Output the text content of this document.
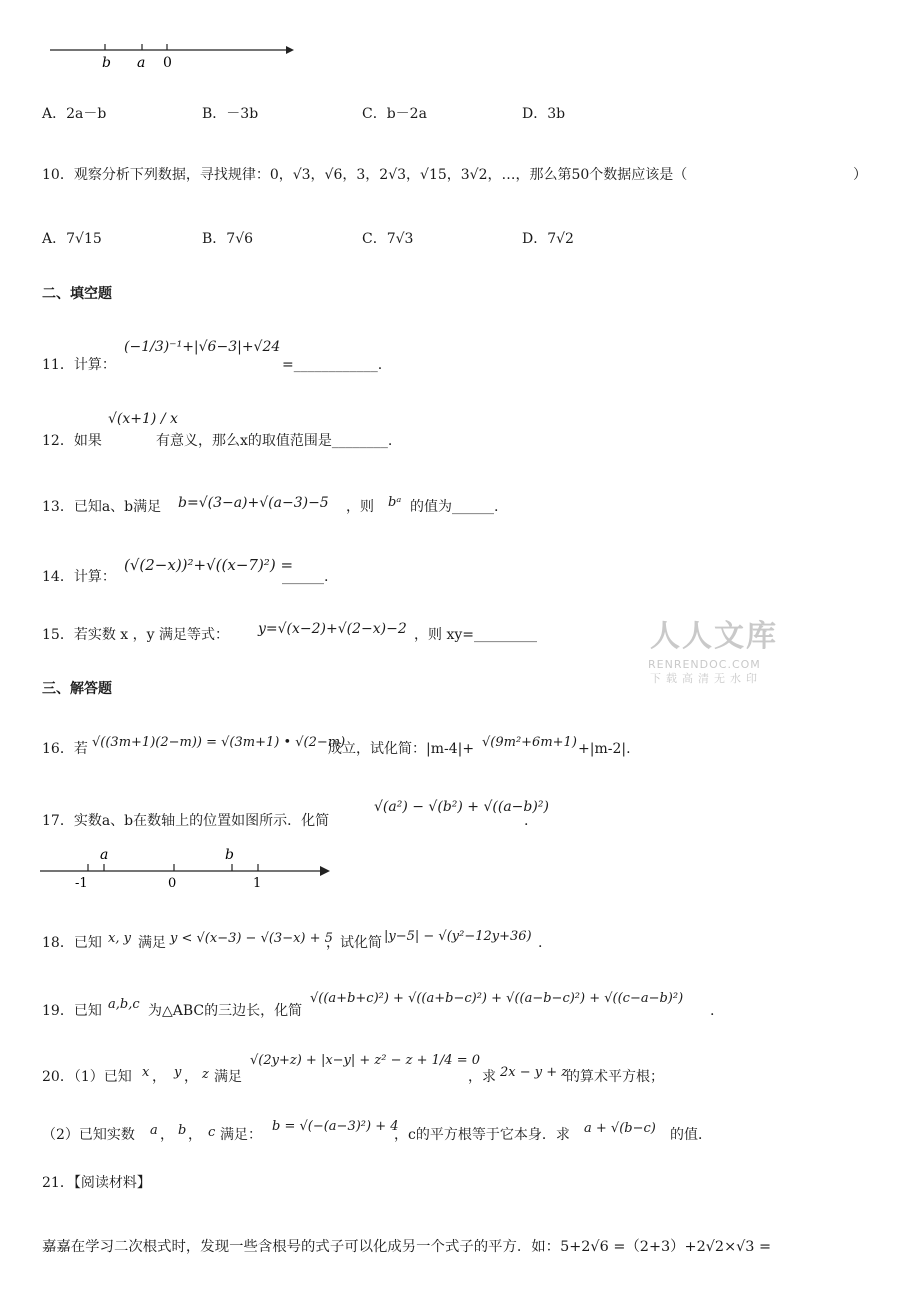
b a 0
A．2a－b	B．－3b	C．b－2a	D．3b
10．观察分析下列数据，寻找规律：0，√3，√6，3，2√3，√15，3√2，…，那么第50个数据应该是（	）
A．7√15	B．7√6	C．7√3	D．7√2
二、填空题
11．计算：
(−1/3)⁻¹+|√6−3|+√24
=____________.
12．如果
√(x+1) / x
有意义，那么x的取值范围是________.
13．已知a、b满足 b=√(3−a)+√(a−3)−5 ，则 bᵃ 的值为______.
14．计算：
(√(2−x))²+√((x−7)²) =
______.
15．若实数 x ，y 满足等式： y=√(x−2)+√(2−x)−2 ，则 xy=_________	人人文库
RENRENDOC.COM
下载高清无水印
三、解答题
16．若 √((3m+1)(2−m)) = √(3m+1) • √(2−m)
成立，试化简：|m-4|+ √(9m²+6m+1) +|m-2|.
17．实数a、b在数轴上的位置如图所示．化简
√(a²) − √(b²) + √((a−b)²)
.
a	b
-1	0	1
18．已知 x, y 满足 y < √(x−3) − √(3−x) + 5
，试化简 |y−5| − √(y²−12y+36) .
19．已知 a,b,c 为△ABC的三边长，化简
√((a+b+c)²) + √((a+b−c)²) + √((a−b−c)²) + √((c−a−b)²)
.
20．（1）已知 x ， y ， z 满足
√(2y+z) + |x−y| + z² − z + 1/4 = 0
，求 2x − y + z
的算术平方根；
（2）已知实数 a ， b ， c 满足：
b = √(−(a−3)²) + 4
，c的平方根等于它本身．求 a + √(b−c) 的值．
21．【阅读材料】
嘉嘉在学习二次根式时，发现一些含根号的式子可以化成另一个式子的平方．如：5+2√6 =（2+3）+2√2×√3 =
